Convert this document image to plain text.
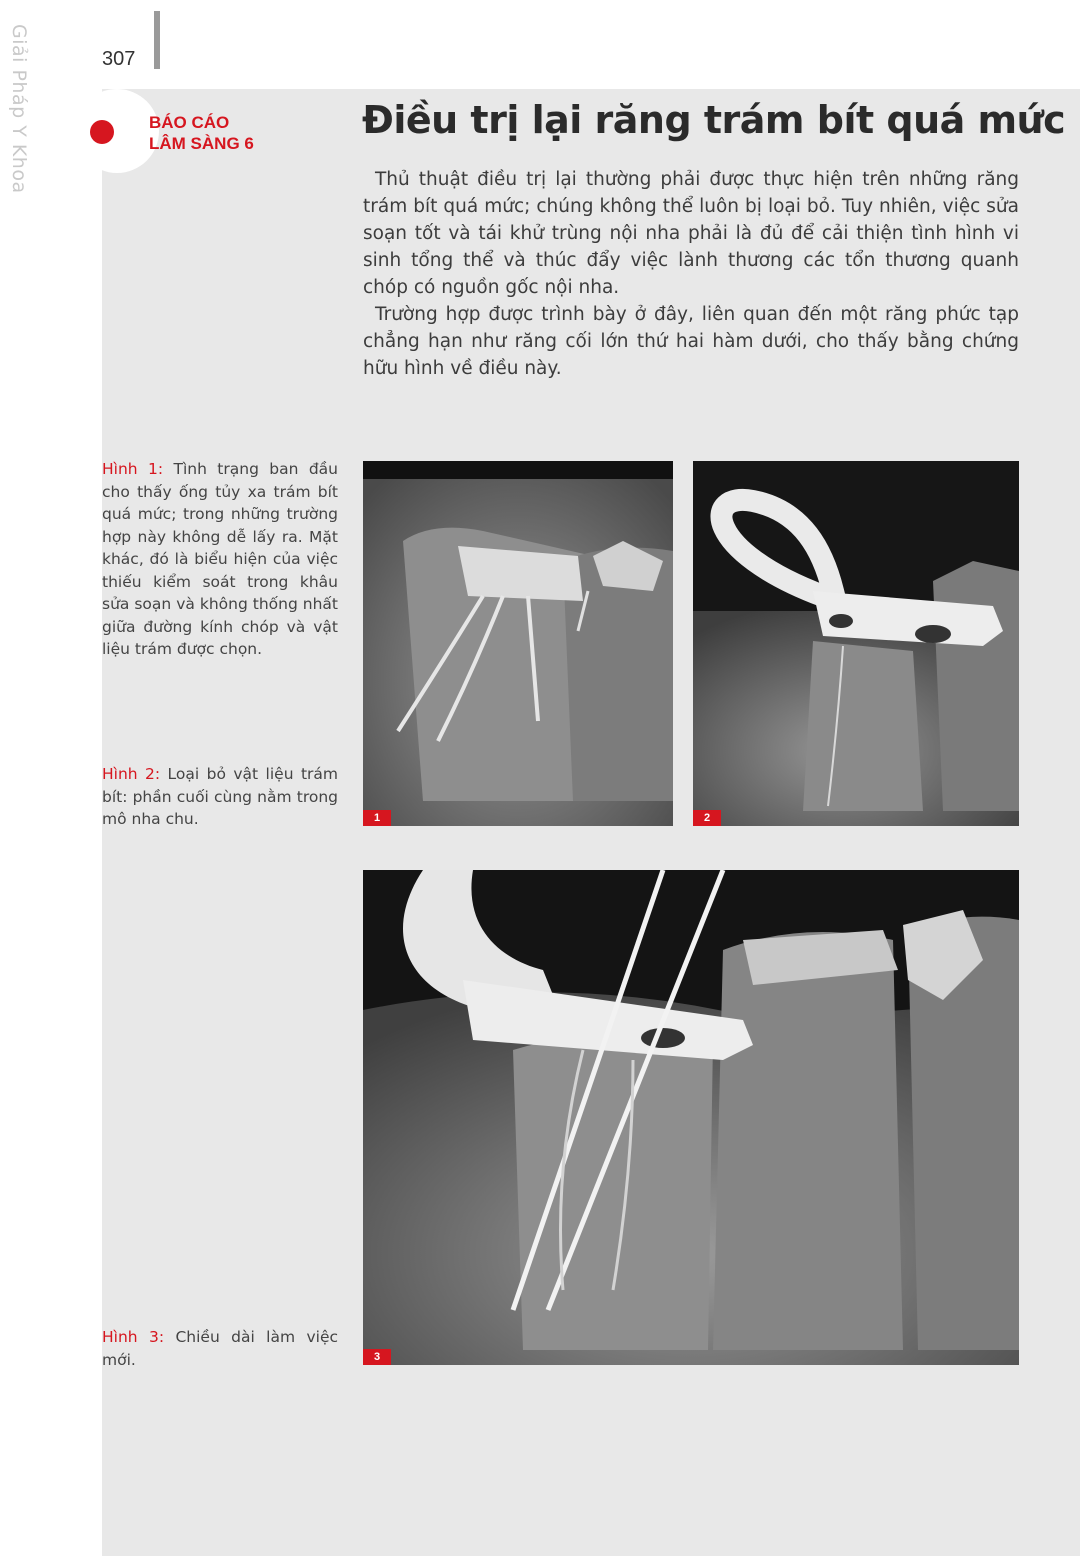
Giải Pháp Y Khoa	307
BÁO CÁO
LÂM SÀNG 6
Điều trị lại răng trám bít quá mức

Thủ thuật điều trị lại thường phải được thực hiện trên những răng trám bít quá mức; chúng không thể luôn bị loại bỏ. Tuy nhiên, việc sửa soạn tốt và tái khử trùng nội nha phải là đủ để cải thiện tình hình vi sinh tổng thể và thúc đẩy việc lành thương các tổn thương quanh chóp có nguồn gốc nội nha.

Trường hợp được trình bày ở đây, liên quan đến một răng phức tạp chẳng hạn như răng cối lớn thứ hai hàm dưới, cho thấy bằng chứng hữu hình về điều này.

Hình 1: Tình trạng ban đầu cho thấy ống tủy xa trám bít quá mức; trong những trường hợp này không dễ lấy ra. Mặt khác, đó là biểu hiện của việc thiếu kiểm soát trong khâu sửa soạn và không thống nhất giữa đường kính chóp và vật liệu trám được chọn.
Hình 2: Loại bỏ vật liệu trám bít: phần cuối cùng nằm trong mô nha chu.
Hình 3: Chiều dài làm việc mới.
1	2
3
